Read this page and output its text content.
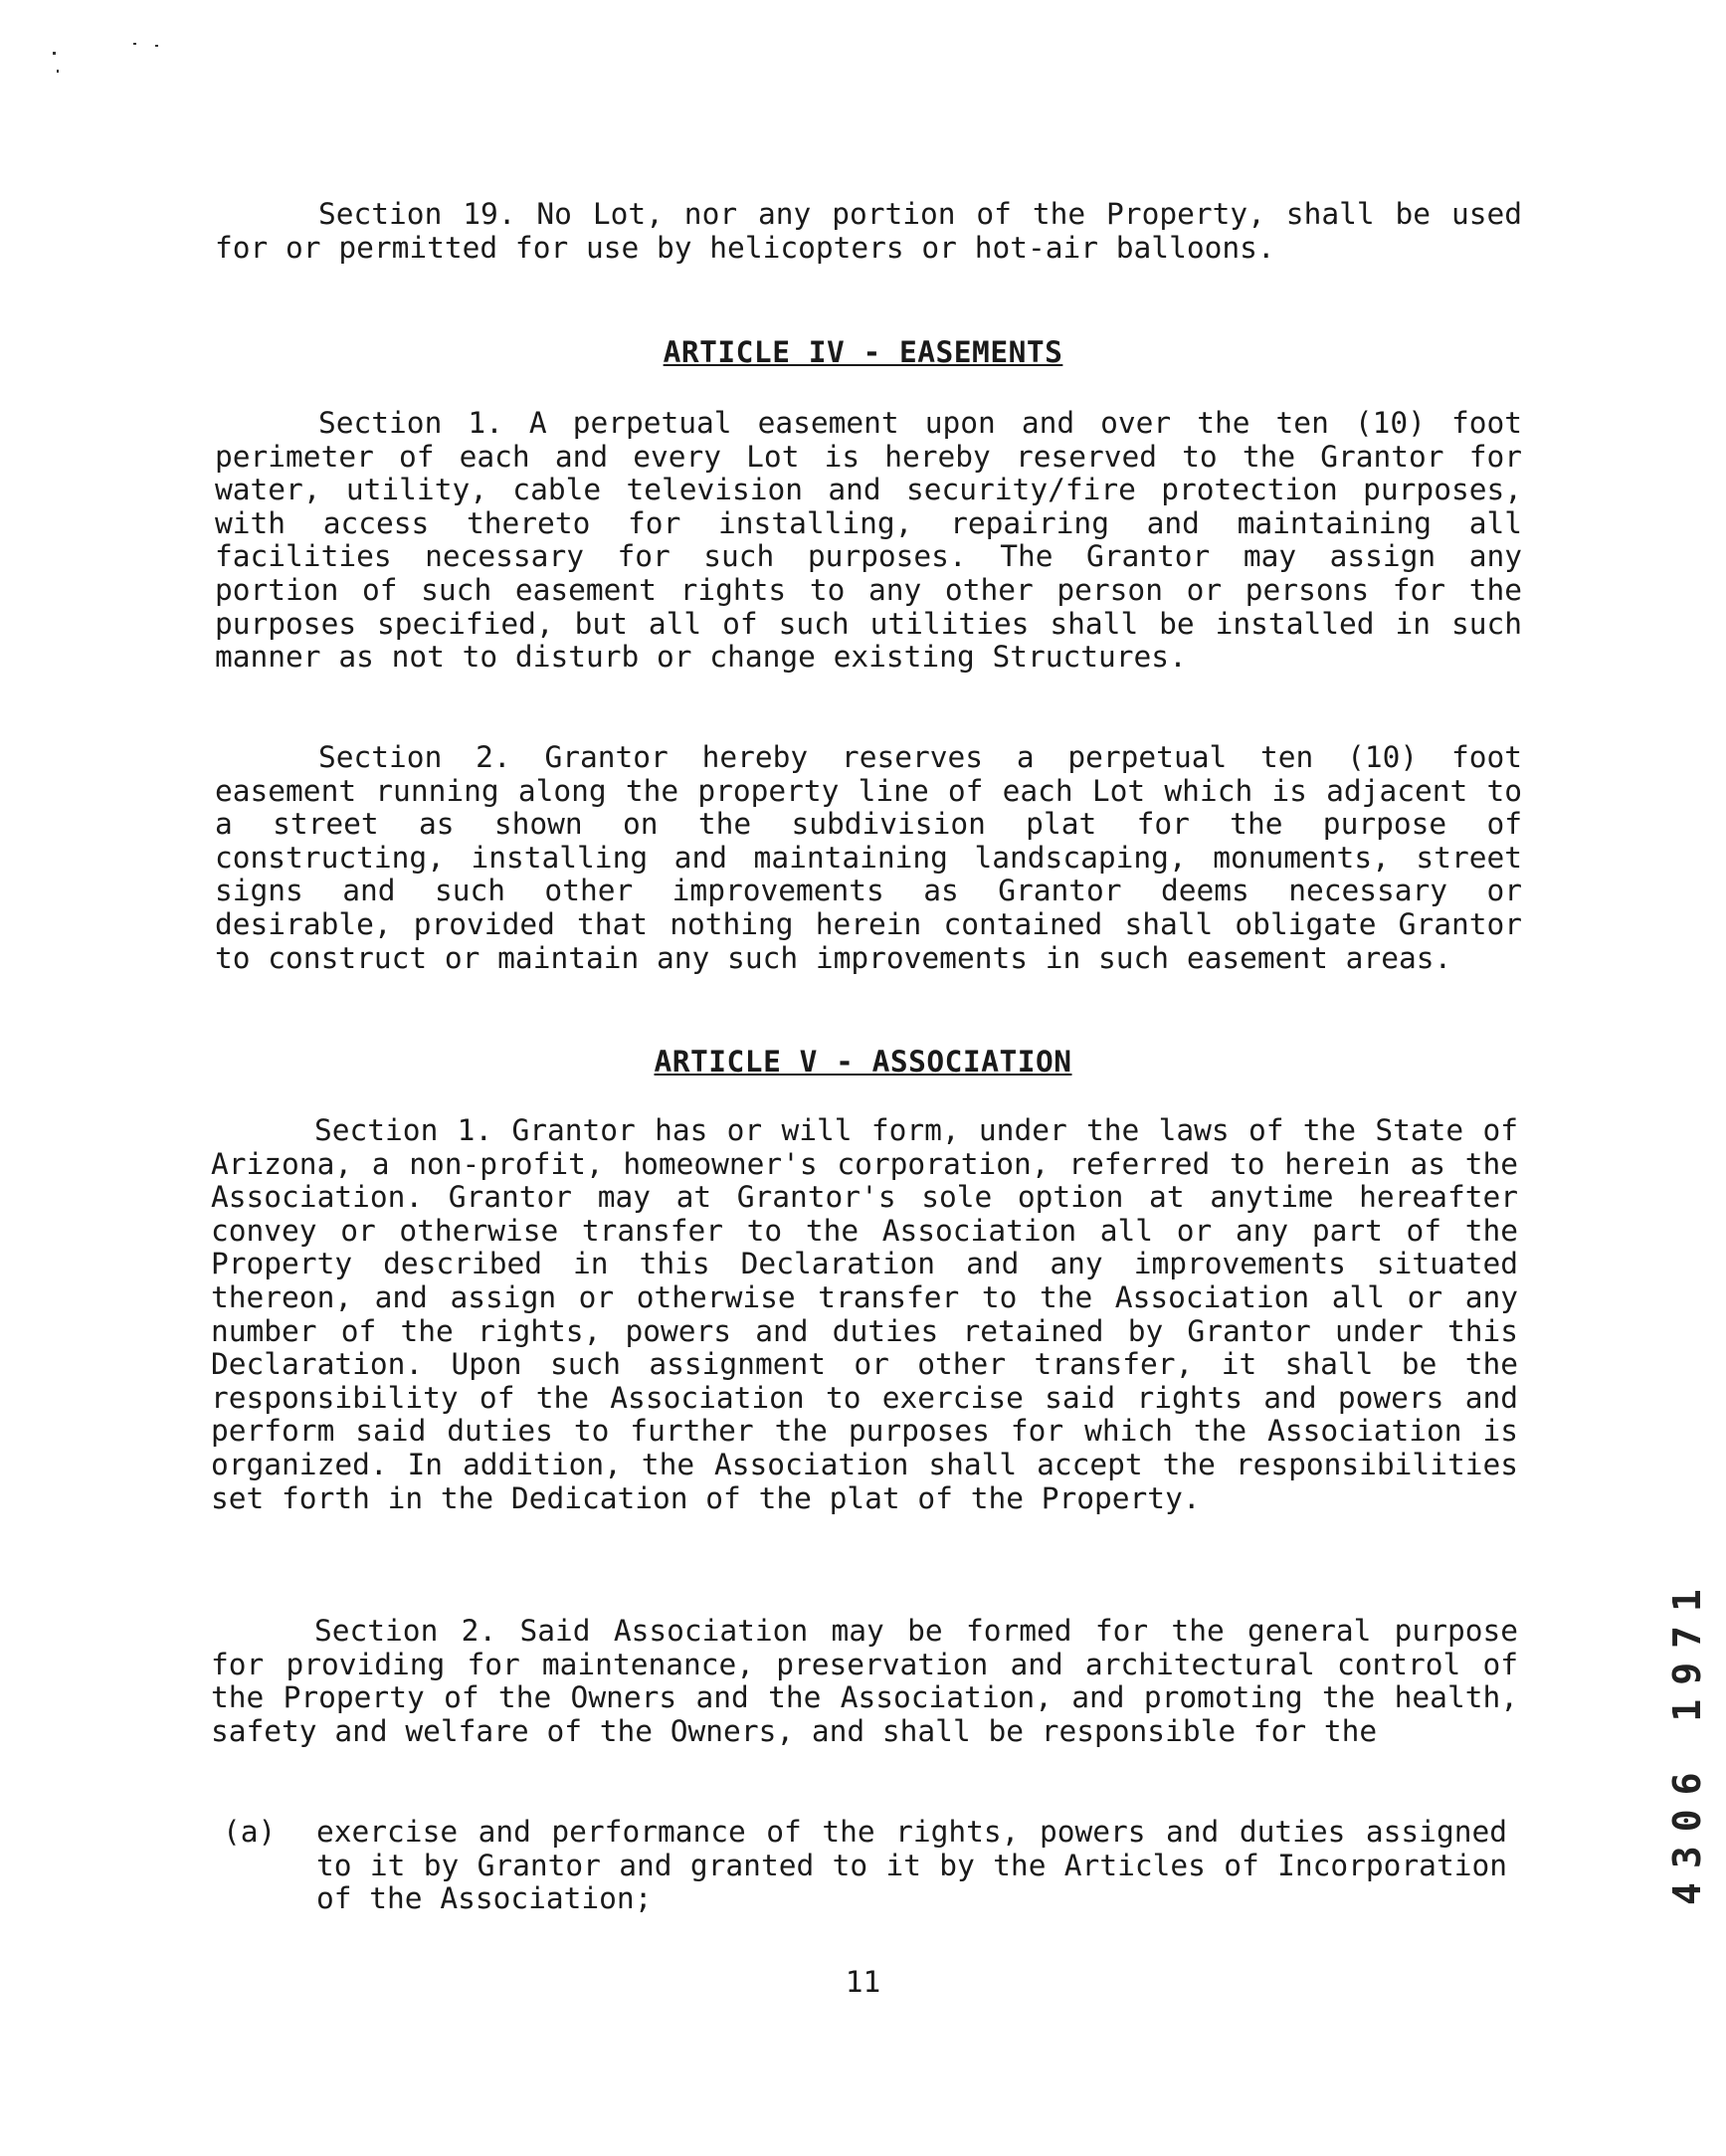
Section 19. No Lot, nor any portion of the Property, shall be used for or permitted for use by helicopters or hot-air balloons.

ARTICLE IV - EASEMENTS

Section 1. A perpetual easement upon and over the ten (10) foot perimeter of each and every Lot is hereby reserved to the Grantor for water, utility, cable television and security/fire protection purposes, with access thereto for installing, repairing and maintaining all facilities necessary for such purposes. The Grantor may assign any portion of such easement rights to any other person or persons for the purposes specified, but all of such utilities shall be installed in such manner as not to disturb or change existing Structures.

Section 2. Grantor hereby reserves a perpetual ten (10) foot easement running along the property line of each Lot which is adjacent to a street as shown on the subdivision plat for the purpose of constructing, installing and maintaining landscaping, monuments, street signs and such other improvements as Grantor deems necessary or desirable, provided that nothing herein contained shall obligate Grantor to construct or maintain any such improvements in such easement areas.

ARTICLE V - ASSOCIATION

Section 1. Grantor has or will form, under the laws of the State of Arizona, a non-profit, homeowner's corporation, referred to herein as the Association. Grantor may at Grantor's sole option at anytime hereafter convey or otherwise transfer to the Association all or any part of the Property described in this Declaration and any improvements situated thereon, and assign or otherwise transfer to the Association all or any number of the rights, powers and duties retained by Grantor under this Declaration. Upon such assignment or other transfer, it shall be the responsibility of the Association to exercise said rights and powers and perform said duties to further the purposes for which the Association is organized. In addition, the Association shall accept the responsibilities set forth in the Dedication of the plat of the Property.

Section 2. Said Association may be formed for the general purpose for providing for maintenance, preservation and architectural control of the Property of the Owners and the Association, and promoting the health, safety and welfare of the Owners, and shall be responsible for the

(a) exercise and performance of the rights, powers and duties assigned to it by Grantor and granted to it by the Articles of Incorporation of the Association;
11
4306 1971
